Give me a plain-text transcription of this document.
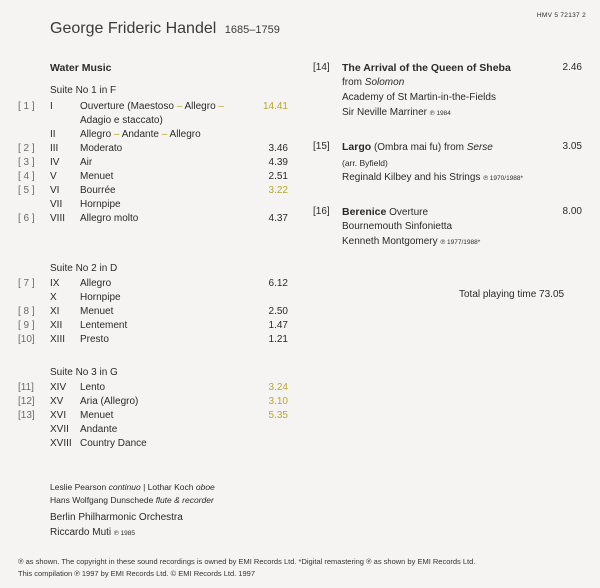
George Frideric Handel 1685–1759
HMV 5 72137 2
Water Music
Suite No 1 in F
[ 1 ] I	Ouverture (Maestoso – Allegro –	14.41
Adagio e staccato)
II Allegro – Andante – Allegro
[ 2 ] III Moderato	3.46
[ 3 ] IV Air	4.39
[ 4 ] V Menuet	2.51
[ 5 ] VI Bourrée	3.22
VII Hornpipe
[ 6 ] VIII Allegro molto	4.37
Suite No 2 in D
[ 7 ] IX Allegro	6.12
X Hornpipe
[ 8 ] XI Menuet	2.50
[ 9 ] XII Lentement	1.47
[10] XIII Presto	1.21
Suite No 3 in G
[11] XIV Lento	3.24
[12] XV Aria (Allegro)	3.10
[13] XVI Menuet	5.35
XVII Andante
XVIII Country Dance
Leslie Pearson continuo | Lothar Koch oboe
Hans Wolfgang Dunschede flute & recorder
Berlin Philharmonic Orchestra
Riccardo Muti ℗ 1985
[14] The Arrival of the Queen of Sheba	2.46
from Solomon
Academy of St Martin-in-the-Fields
Sir Neville Marriner ℗ 1984
[15] Largo (Ombra mai fu) from Serse	3.05
(arr. Byfield)
Reginald Kilbey and his Strings ℗ 1970/1988*
[16] Berenice Overture	8.00
Bournemouth Sinfonietta
Kenneth Montgomery ℗ 1977/1988*
Total playing time 73.05
℗ as shown. The copyright in these sound recordings is owned by EMI Records Ltd. *Digital remastering ℗ as shown by EMI Records Ltd.
This compilation ℗ 1997 by EMI Records Ltd. © EMI Records Ltd. 1997
